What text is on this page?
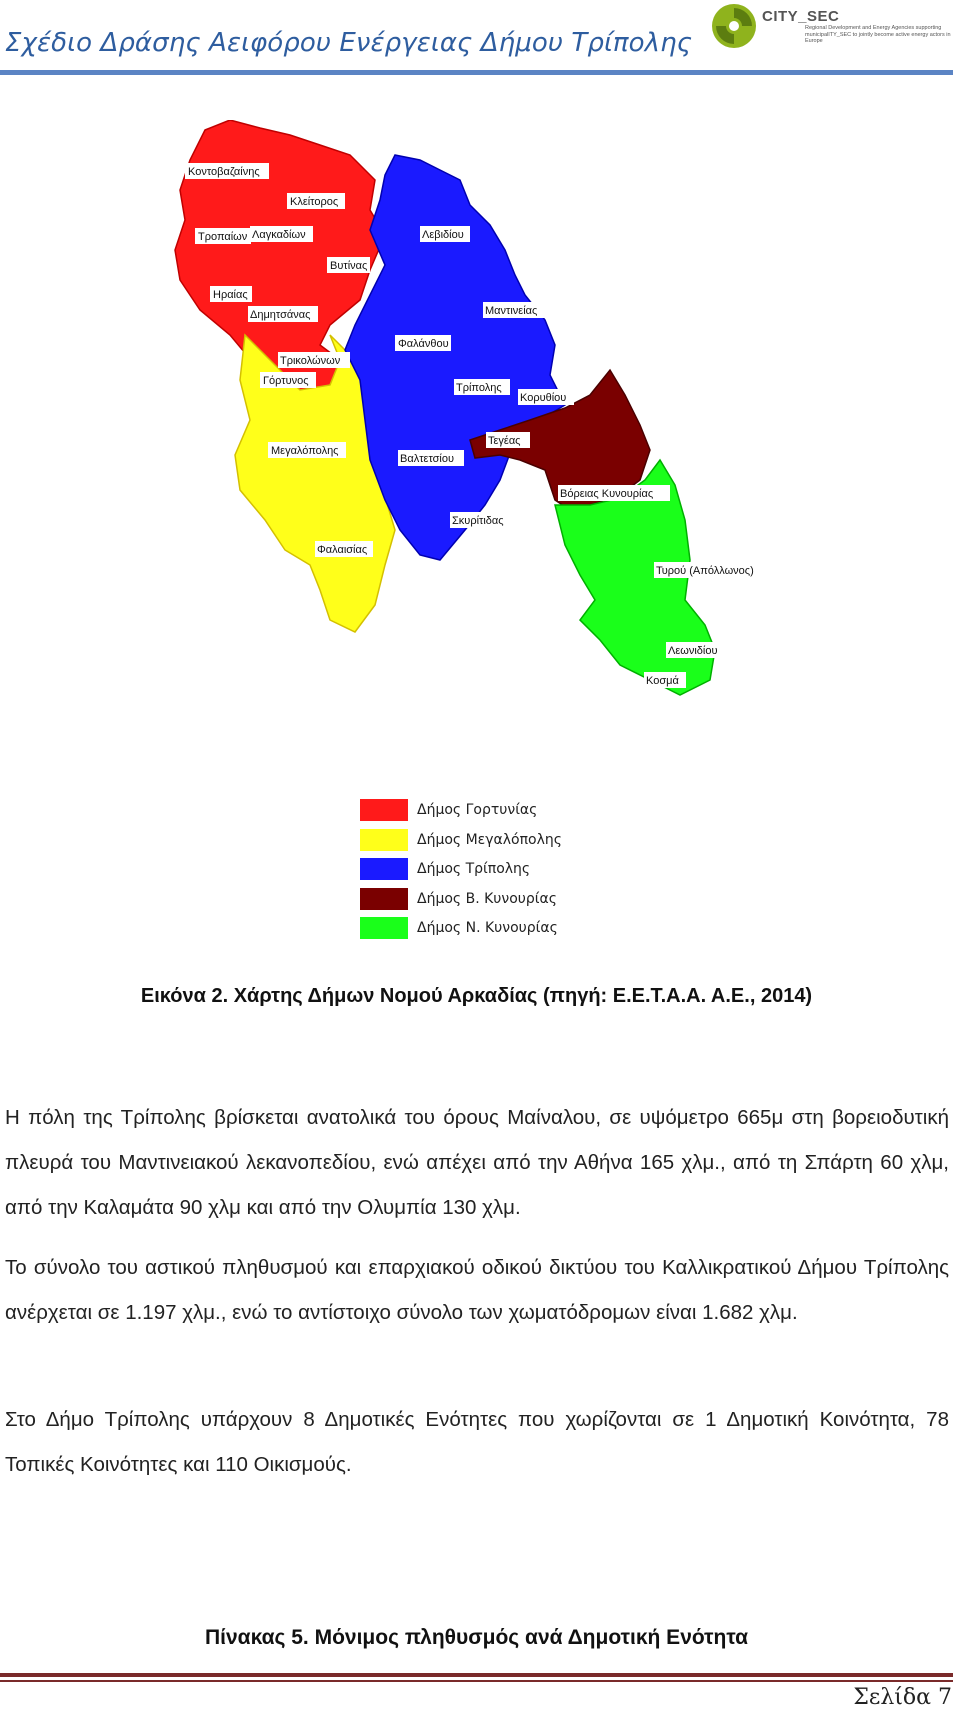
Σχέδιο Δράσης Αειφόρου Ενέργειας Δήμου Τρίπολης
CITY_SEC
Regional Development and Energy Agencies supporting municipalITY_SEC to jointly become active energy actors in Europe
Κοντοβαζαίνης
Κλείτορος
Τροπαίων Λαγκαδίων
Βυτίνας
Ηραίας
Δημητσάνας
Τρικολώνων
Γόρτυνος
Μεγαλόπολης
Φαλαισίας
Λεβιδίου
Μαντινείας
Φαλάνθου
Τρίπολης
Κορυθίου
Τεγέας
Βαλτετσίου
Σκυρίτιδας
Βόρειας Κυνουρίας
Τυρού (Απόλλωνος)
Λεωνιδίου
Κοσμά
Δήμος Γορτυνίας
Δήμος Μεγαλόπολης
Δήμος Τρίπολης
Δήμος Β. Κυνουρίας
Δήμος Ν. Κυνουρίας
Εικόνα 2. Χάρτης Δήμων Νομού Αρκαδίας (πηγή: Ε.Ε.Τ.Α.Α. Α.Ε., 2014)

Η πόλη της Τρίπολης βρίσκεται ανατολικά του όρους Μαίναλου, σε υψόμετρο 665μ στη βορειοδυτική πλευρά του Μαντινειακού λεκανοπεδίου, ενώ απέχει από την Αθήνα 165 χλμ., από τη Σπάρτη 60 χλμ, από την Καλαμάτα 90 χλμ και από την Ολυμπία 130 χλμ.

Το σύνολο του αστικού πληθυσμού και επαρχιακού οδικού δικτύου του Καλλικρατικού Δήμου Τρίπολης ανέρχεται σε 1.197 χλμ., ενώ το αντίστοιχο σύνολο των χωματόδρομων είναι 1.682 χλμ.

Στο Δήμο Τρίπολης υπάρχουν 8 Δημοτικές Ενότητες που χωρίζονται σε 1 Δημοτική Κοινότητα, 78 Τοπικές Κοινότητες και 110 Οικισμούς.

Πίνακας 5. Μόνιμος πληθυσμός ανά Δημοτική Ενότητα
Σελίδα 7
